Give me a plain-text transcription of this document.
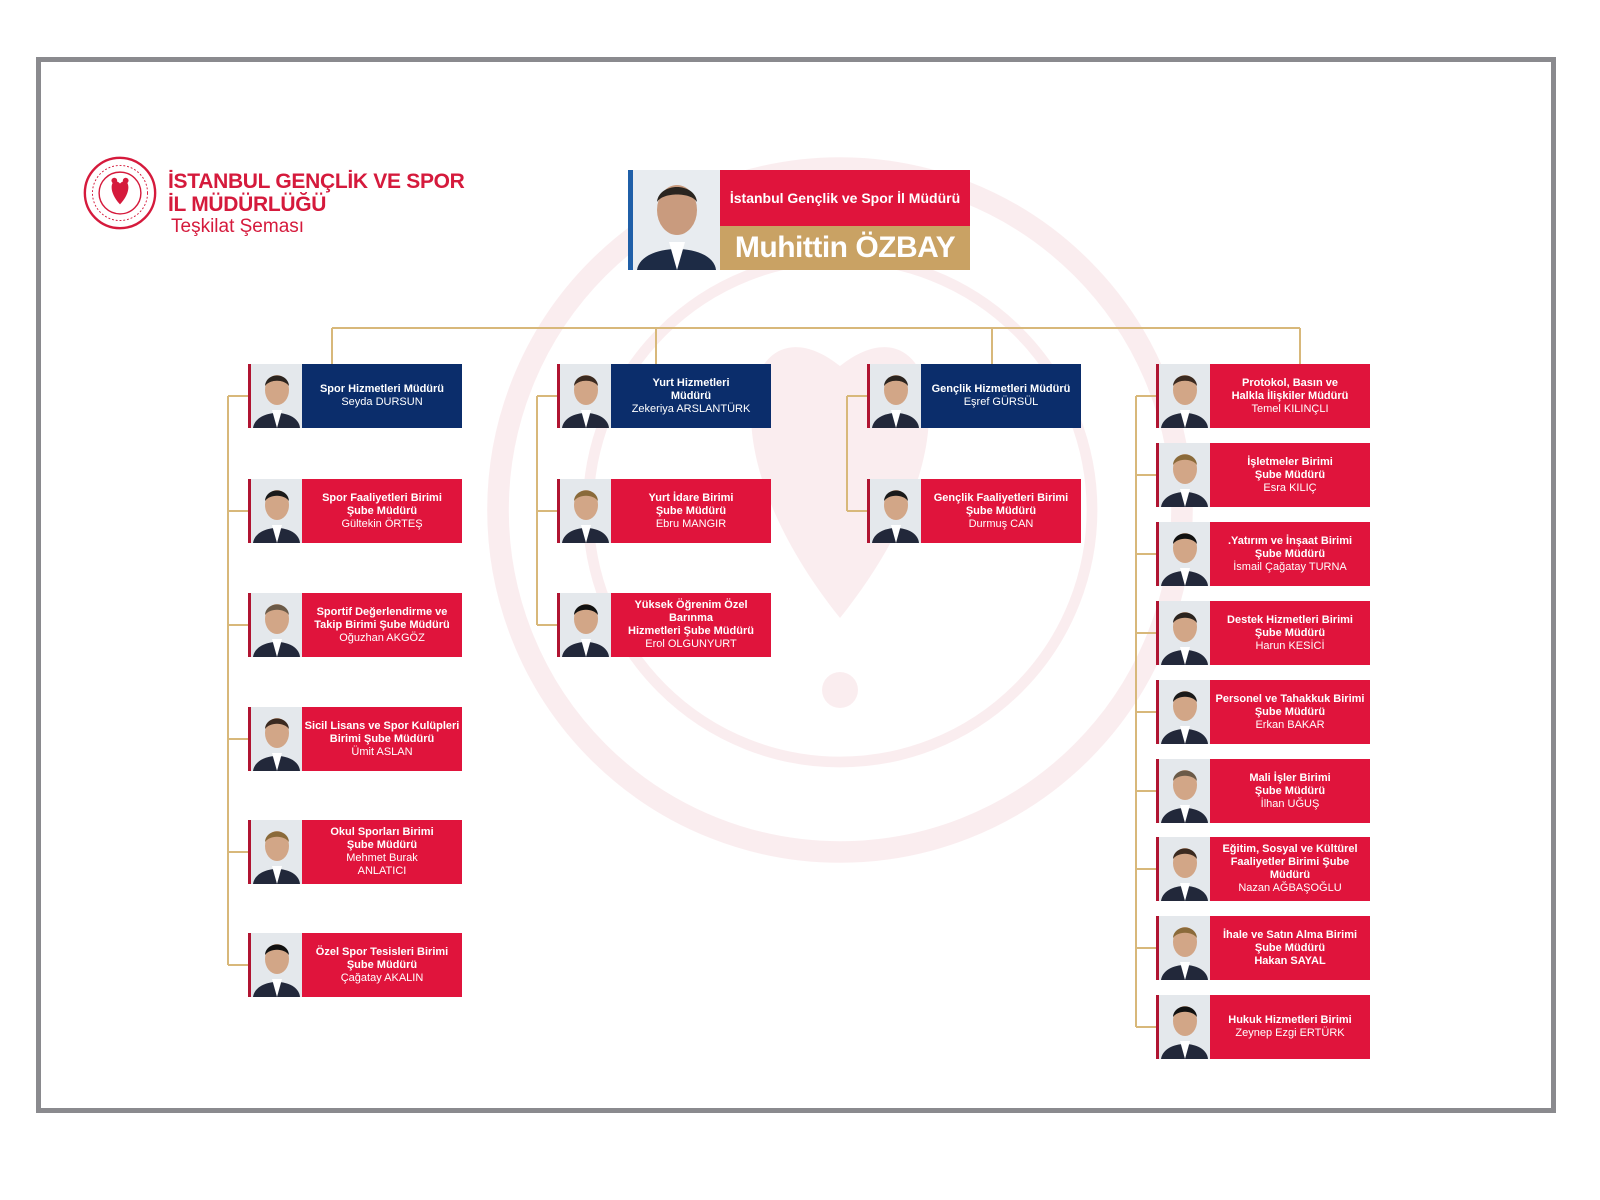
İSTANBUL GENÇLİK VE SPOR
İL MÜDÜRLÜĞÜ
Teşkilat Şeması
İstanbul Gençlik ve Spor İl Müdürü
Muhittin ÖZBAY
Spor Hizmetleri Müdürü
Seyda DURSUN
Spor Faaliyetleri Birimi
Şube Müdürü
Gültekin ÖRTEŞ
Sportif Değerlendirme ve
Takip Birimi Şube Müdürü
Oğuzhan AKGÖZ
Sicil Lisans ve Spor Kulüpleri
Birimi Şube Müdürü
Ümit ASLAN
Okul Sporları Birimi
Şube Müdürü
Mehmet Burak
ANLATICI
Özel Spor Tesisleri Birimi
Şube Müdürü
Çağatay AKALIN
Yurt Hizmetleri
Müdürü
Zekeriya ARSLANTÜRK
Yurt İdare Birimi
Şube Müdürü
Ebru MANGIR
Yüksek Öğrenim Özel Barınma
Hizmetleri Şube Müdürü
Erol OLGUNYURT
Gençlik Hizmetleri Müdürü
Eşref GÜRSÜL
Gençlik Faaliyetleri Birimi
Şube Müdürü
Durmuş CAN
Protokol, Basın ve
Halkla İlişkiler Müdürü
Temel KILINÇLI
İşletmeler Birimi
Şube Müdürü
Esra KILIÇ
.Yatırım ve İnşaat Birimi
Şube Müdürü
İsmail Çağatay TURNA
Destek Hizmetleri Birimi
Şube Müdürü
Harun KESİCİ
Personel ve Tahakkuk Birimi
Şube Müdürü
Erkan BAKAR
Mali İşler Birimi
Şube Müdürü
İlhan UĞUŞ
Eğitim, Sosyal ve Kültürel
Faaliyetler Birimi Şube
Müdürü
Nazan AĞBAŞOĞLU
İhale ve Satın Alma Birimi
Şube Müdürü
Hakan SAYAL
Hukuk Hizmetleri Birimi
Zeynep Ezgi ERTÜRK
